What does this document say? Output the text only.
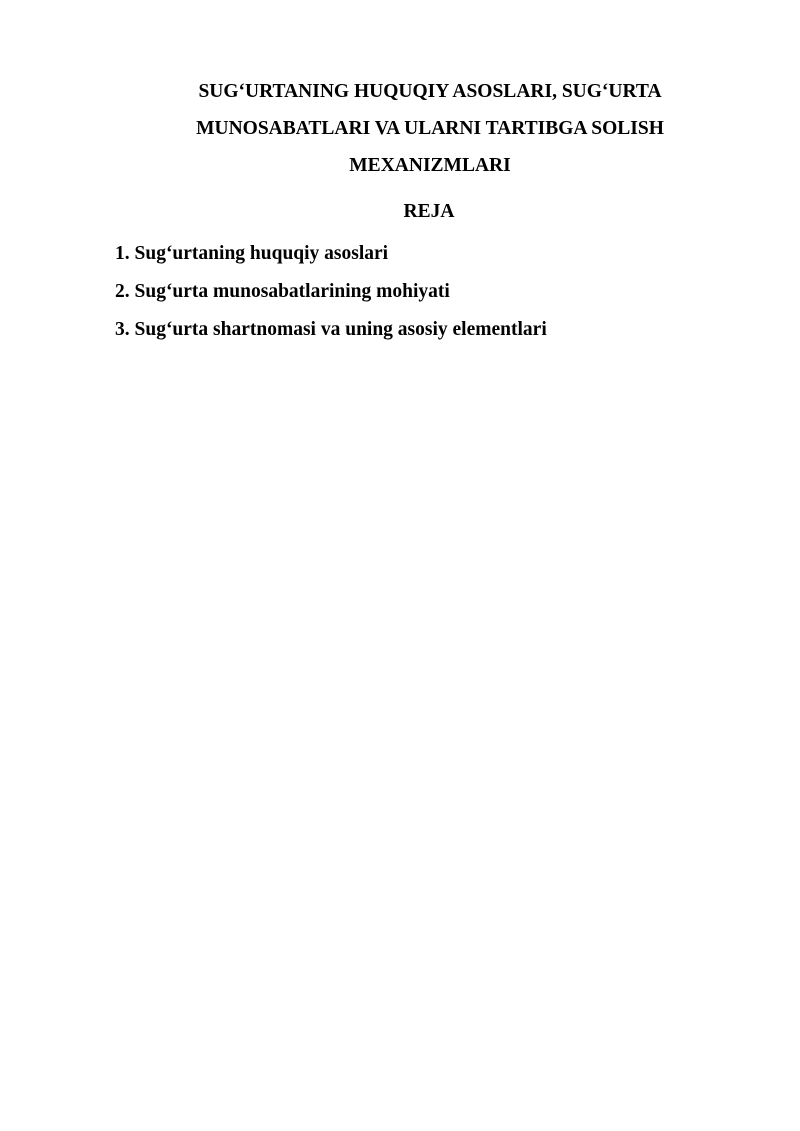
SUG‘URTANING HUQUQIY ASOSLARI, SUG‘URTA
MUNOSABATLARI VA ULARNI TARTIBGA SOLISH
MEXANIZMLARI
REJA
1. Sug‘urtaning huquqiy asoslari
2. Sug‘urta munosabatlarining mohiyati
3. Sug‘urta shartnomasi va uning asosiy elementlari
